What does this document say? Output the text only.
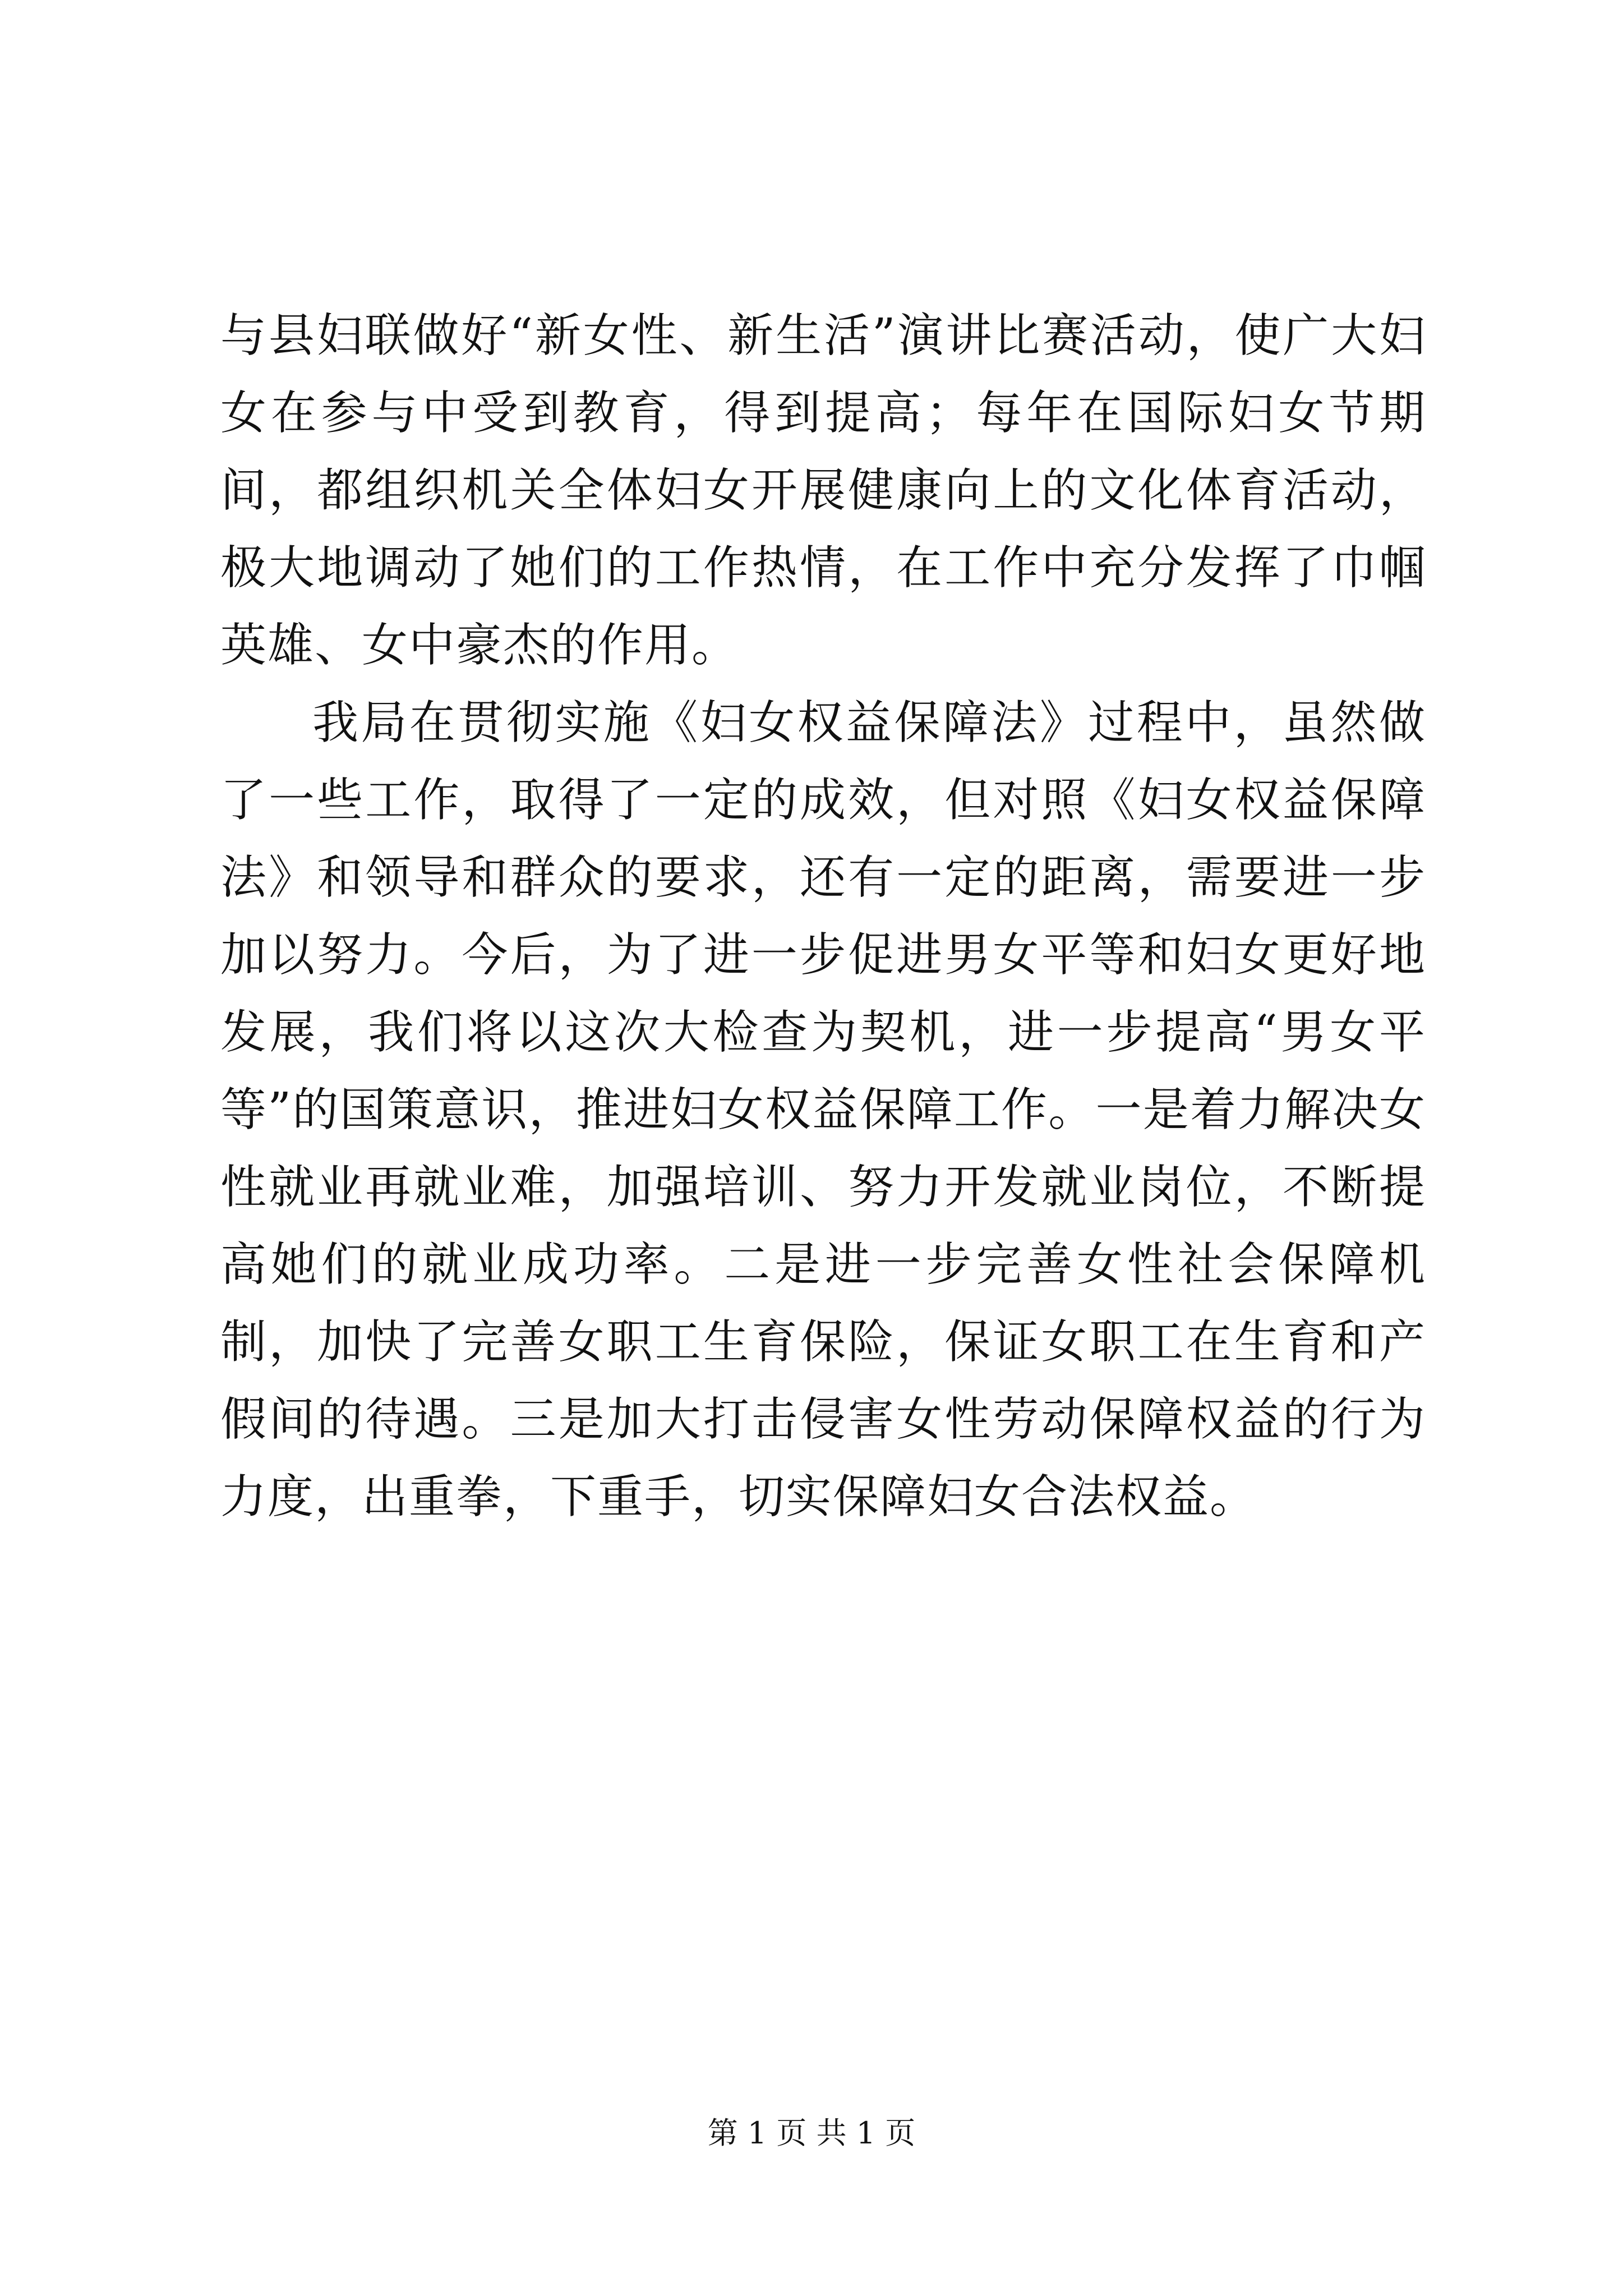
与县妇联做好“新女性、新生活”演讲比赛活动，使广大妇女在参与中受到教育，得到提高；每年在国际妇女节期间，都组织机关全体妇女开展健康向上的文化体育活动，极大地调动了她们的工作热情，在工作中充分发挥了巾帼英雄、女中豪杰的作用。

我局在贯彻实施《妇女权益保障法》过程中，虽然做了一些工作，取得了一定的成效，但对照《妇女权益保障法》和领导和群众的要求，还有一定的距离，需要进一步加以努力。今后，为了进一步促进男女平等和妇女更好地发展，我们将以这次大检查为契机，进一步提高“男女平等”的国策意识，推进妇女权益保障工作。一是着力解决女性就业再就业难，加强培训、努力开发就业岗位，不断提高她们的就业成功率。二是进一步完善女性社会保障机制，加快了完善女职工生育保险，保证女职工在生育和产假间的待遇。三是加大打击侵害女性劳动保障权益的行为力度，出重拳，下重手，切实保障妇女合法权益。

第 1 页 共 1 页
